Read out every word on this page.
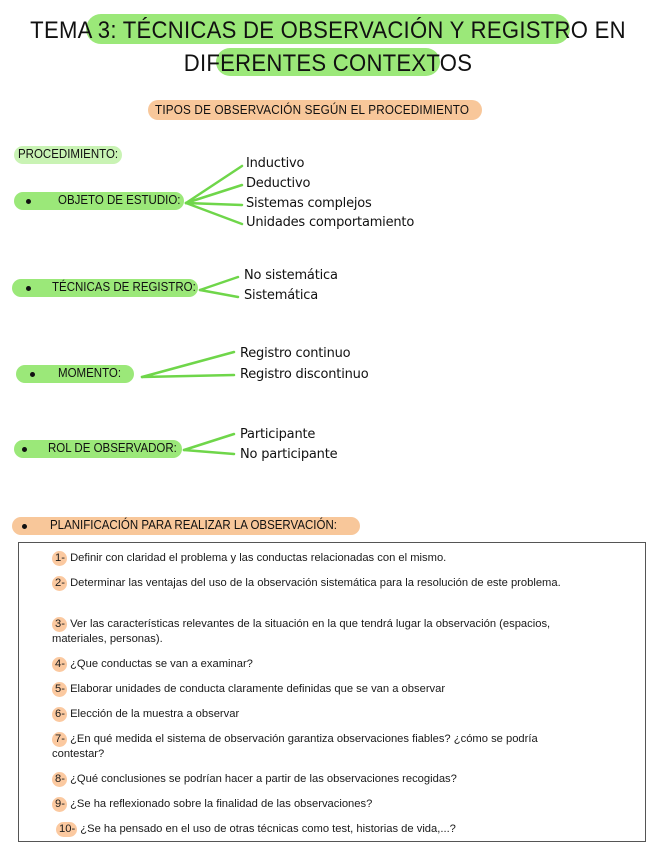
TEMA 3: TÉCNICAS DE OBSERVACIÓN Y REGISTRO EN
DIFERENTES CONTEXTOS
TIPOS DE OBSERVACIÓN SEGÚN EL PROCEDIMIENTO
PROCEDIMIENTO:
OBJETO DE ESTUDIO:
Inductivo
Deductivo
Sistemas complejos
Unidades comportamiento
TÉCNICAS DE REGISTRO:
No sistemática
Sistemática
MOMENTO:
Registro continuo
Registro discontinuo
ROL DE OBSERVADOR:
Participante
No participante
PLANIFICACIÓN PARA REALIZAR LA OBSERVACIÓN:
1- Definir con claridad el problema y las conductas relacionadas con el mismo.
2- Determinar las ventajas del uso de la observación sistemática para la resolución de este problema.
3- Ver las características relevantes de la situación en la que tendrá lugar la observación (espacios, materiales, personas).
4- ¿Que conductas se van a examinar?
5- Elaborar unidades de conducta claramente definidas que se van a observar
6- Elección de la muestra a observar
7- ¿En qué medida el sistema de observación garantiza observaciones fiables? ¿cómo se podría contestar?
8- ¿Qué conclusiones se podrían hacer a partir de las observaciones recogidas?
9- ¿Se ha reflexionado sobre la finalidad de las observaciones?
10- ¿Se ha pensado en el uso de otras técnicas como test, historias de vida,...?
